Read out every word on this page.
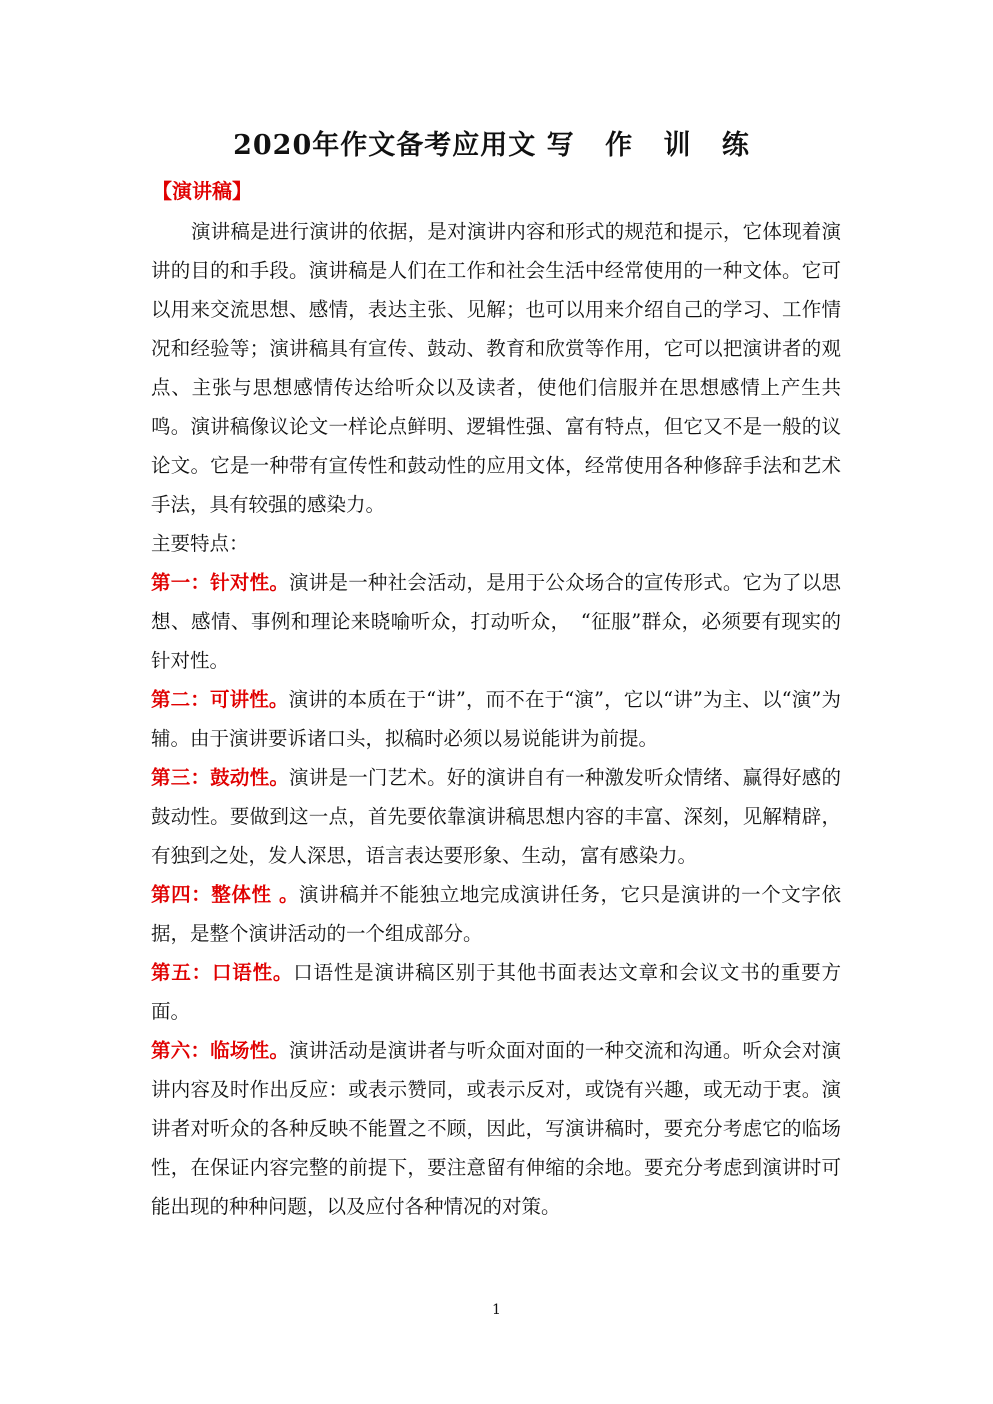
2020年作文备考应用文 写 作 训 练
【演讲稿】

演讲稿是进行演讲的依据，是对演讲内容和形式的规范和提示，它体现着演讲的目的和手段。演讲稿是人们在工作和社会生活中经常使用的一种文体。它可以用来交流思想、感情，表达主张、见解；也可以用来介绍自己的学习、工作情况和经验等；演讲稿具有宣传、鼓动、教育和欣赏等作用，它可以把演讲者的观点、主张与思想感情传达给听众以及读者，使他们信服并在思想感情上产生共鸣。演讲稿像议论文一样论点鲜明、逻辑性强、富有特点，但它又不是一般的议论文。它是一种带有宣传性和鼓动性的应用文体，经常使用各种修辞手法和艺术手法，具有较强的感染力。

主要特点：

第一：针对性。演讲是一种社会活动，是用于公众场合的宣传形式。它为了以思想、感情、事例和理论来晓喻听众，打动听众，　“征服”群众，必须要有现实的针对性。

第二：可讲性。演讲的本质在于“讲”，而不在于“演”，它以“讲”为主、以“演”为辅。由于演讲要诉诸口头，拟稿时必须以易说能讲为前提。

第三：鼓动性。演讲是一门艺术。好的演讲自有一种激发听众情绪、赢得好感的鼓动性。要做到这一点，首先要依靠演讲稿思想内容的丰富、深刻，见解精辟，有独到之处，发人深思，语言表达要形象、生动，富有感染力。

第四：整体性 。演讲稿并不能独立地完成演讲任务，它只是演讲的一个文字依据，是整个演讲活动的一个组成部分。

第五：口语性。口语性是演讲稿区别于其他书面表达文章和会议文书的重要方面。

第六：临场性。演讲活动是演讲者与听众面对面的一种交流和沟通。听众会对演讲内容及时作出反应：或表示赞同，或表示反对，或饶有兴趣，或无动于衷。演讲者对听众的各种反映不能置之不顾，因此，写演讲稿时，要充分考虑它的临场性，在保证内容完整的前提下，要注意留有伸缩的余地。要充分考虑到演讲时可能出现的种种问题，以及应付各种情况的对策。

1
